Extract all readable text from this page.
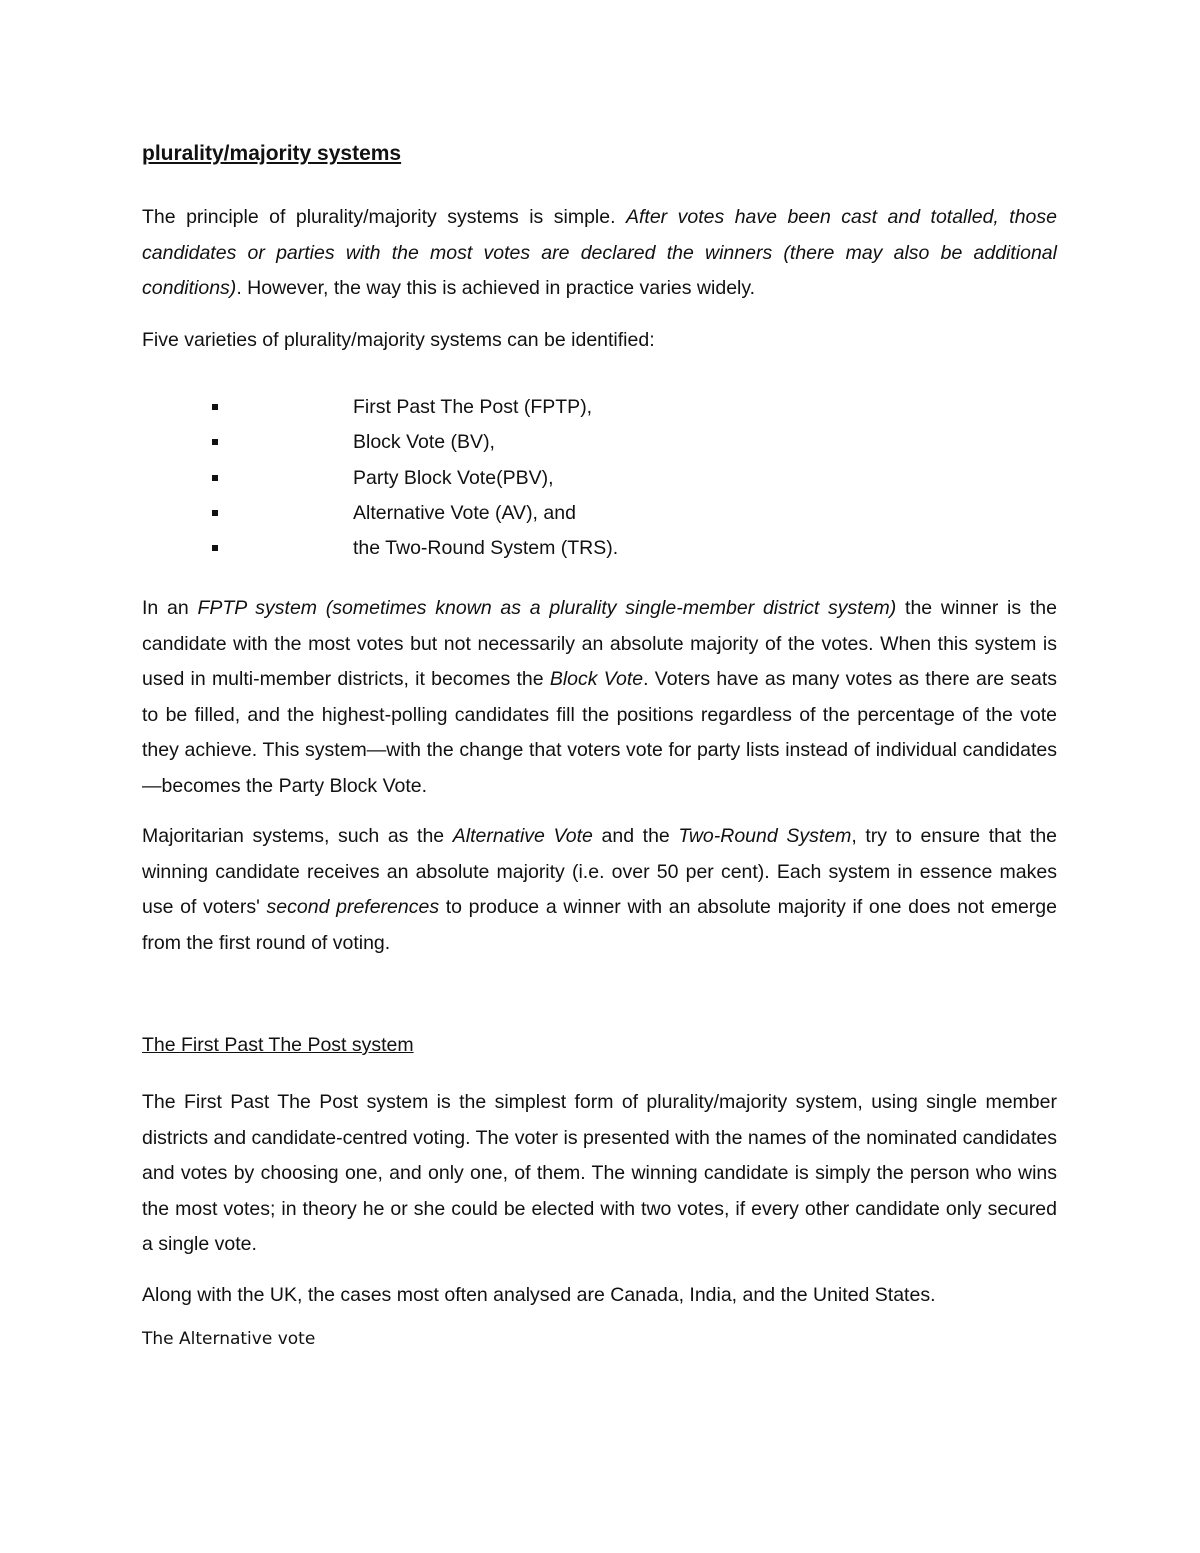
plurality/majority systems

The principle of plurality/majority systems is simple. After votes have been cast and totalled, those candidates or parties with the most votes are declared the winners (there may also be additional conditions). However, the way this is achieved in practice varies widely.

Five varieties of plurality/majority systems can be identified:

First Past The Post (FPTP),
Block Vote (BV),
Party Block Vote(PBV),
Alternative Vote (AV), and
the Two-Round System (TRS).

In an FPTP system (sometimes known as a plurality single-member district system) the winner is the candidate with the most votes but not necessarily an absolute majority of the votes. When this system is used in multi-member districts, it becomes the Block Vote. Voters have as many votes as there are seats to be filled, and the highest-polling candidates fill the positions regardless of the percentage of the vote they achieve. This system—with the change that voters vote for party lists instead of individual candidates—becomes the Party Block Vote.

Majoritarian systems, such as the Alternative Vote and the Two-Round System, try to ensure that the winning candidate receives an absolute majority (i.e. over 50 per cent). Each system in essence makes use of voters' second preferences to produce a winner with an absolute majority if one does not emerge from the first round of voting.

The First Past The Post system

The First Past The Post system is the simplest form of plurality/majority system, using single member districts and candidate-centred voting. The voter is presented with the names of the nominated candidates and votes by choosing one, and only one, of them. The winning candidate is simply the person who wins the most votes; in theory he or she could be elected with two votes, if every other candidate only secured a single vote.

Along with the UK, the cases most often analysed are Canada, India, and the United States.

The Alternative vote
